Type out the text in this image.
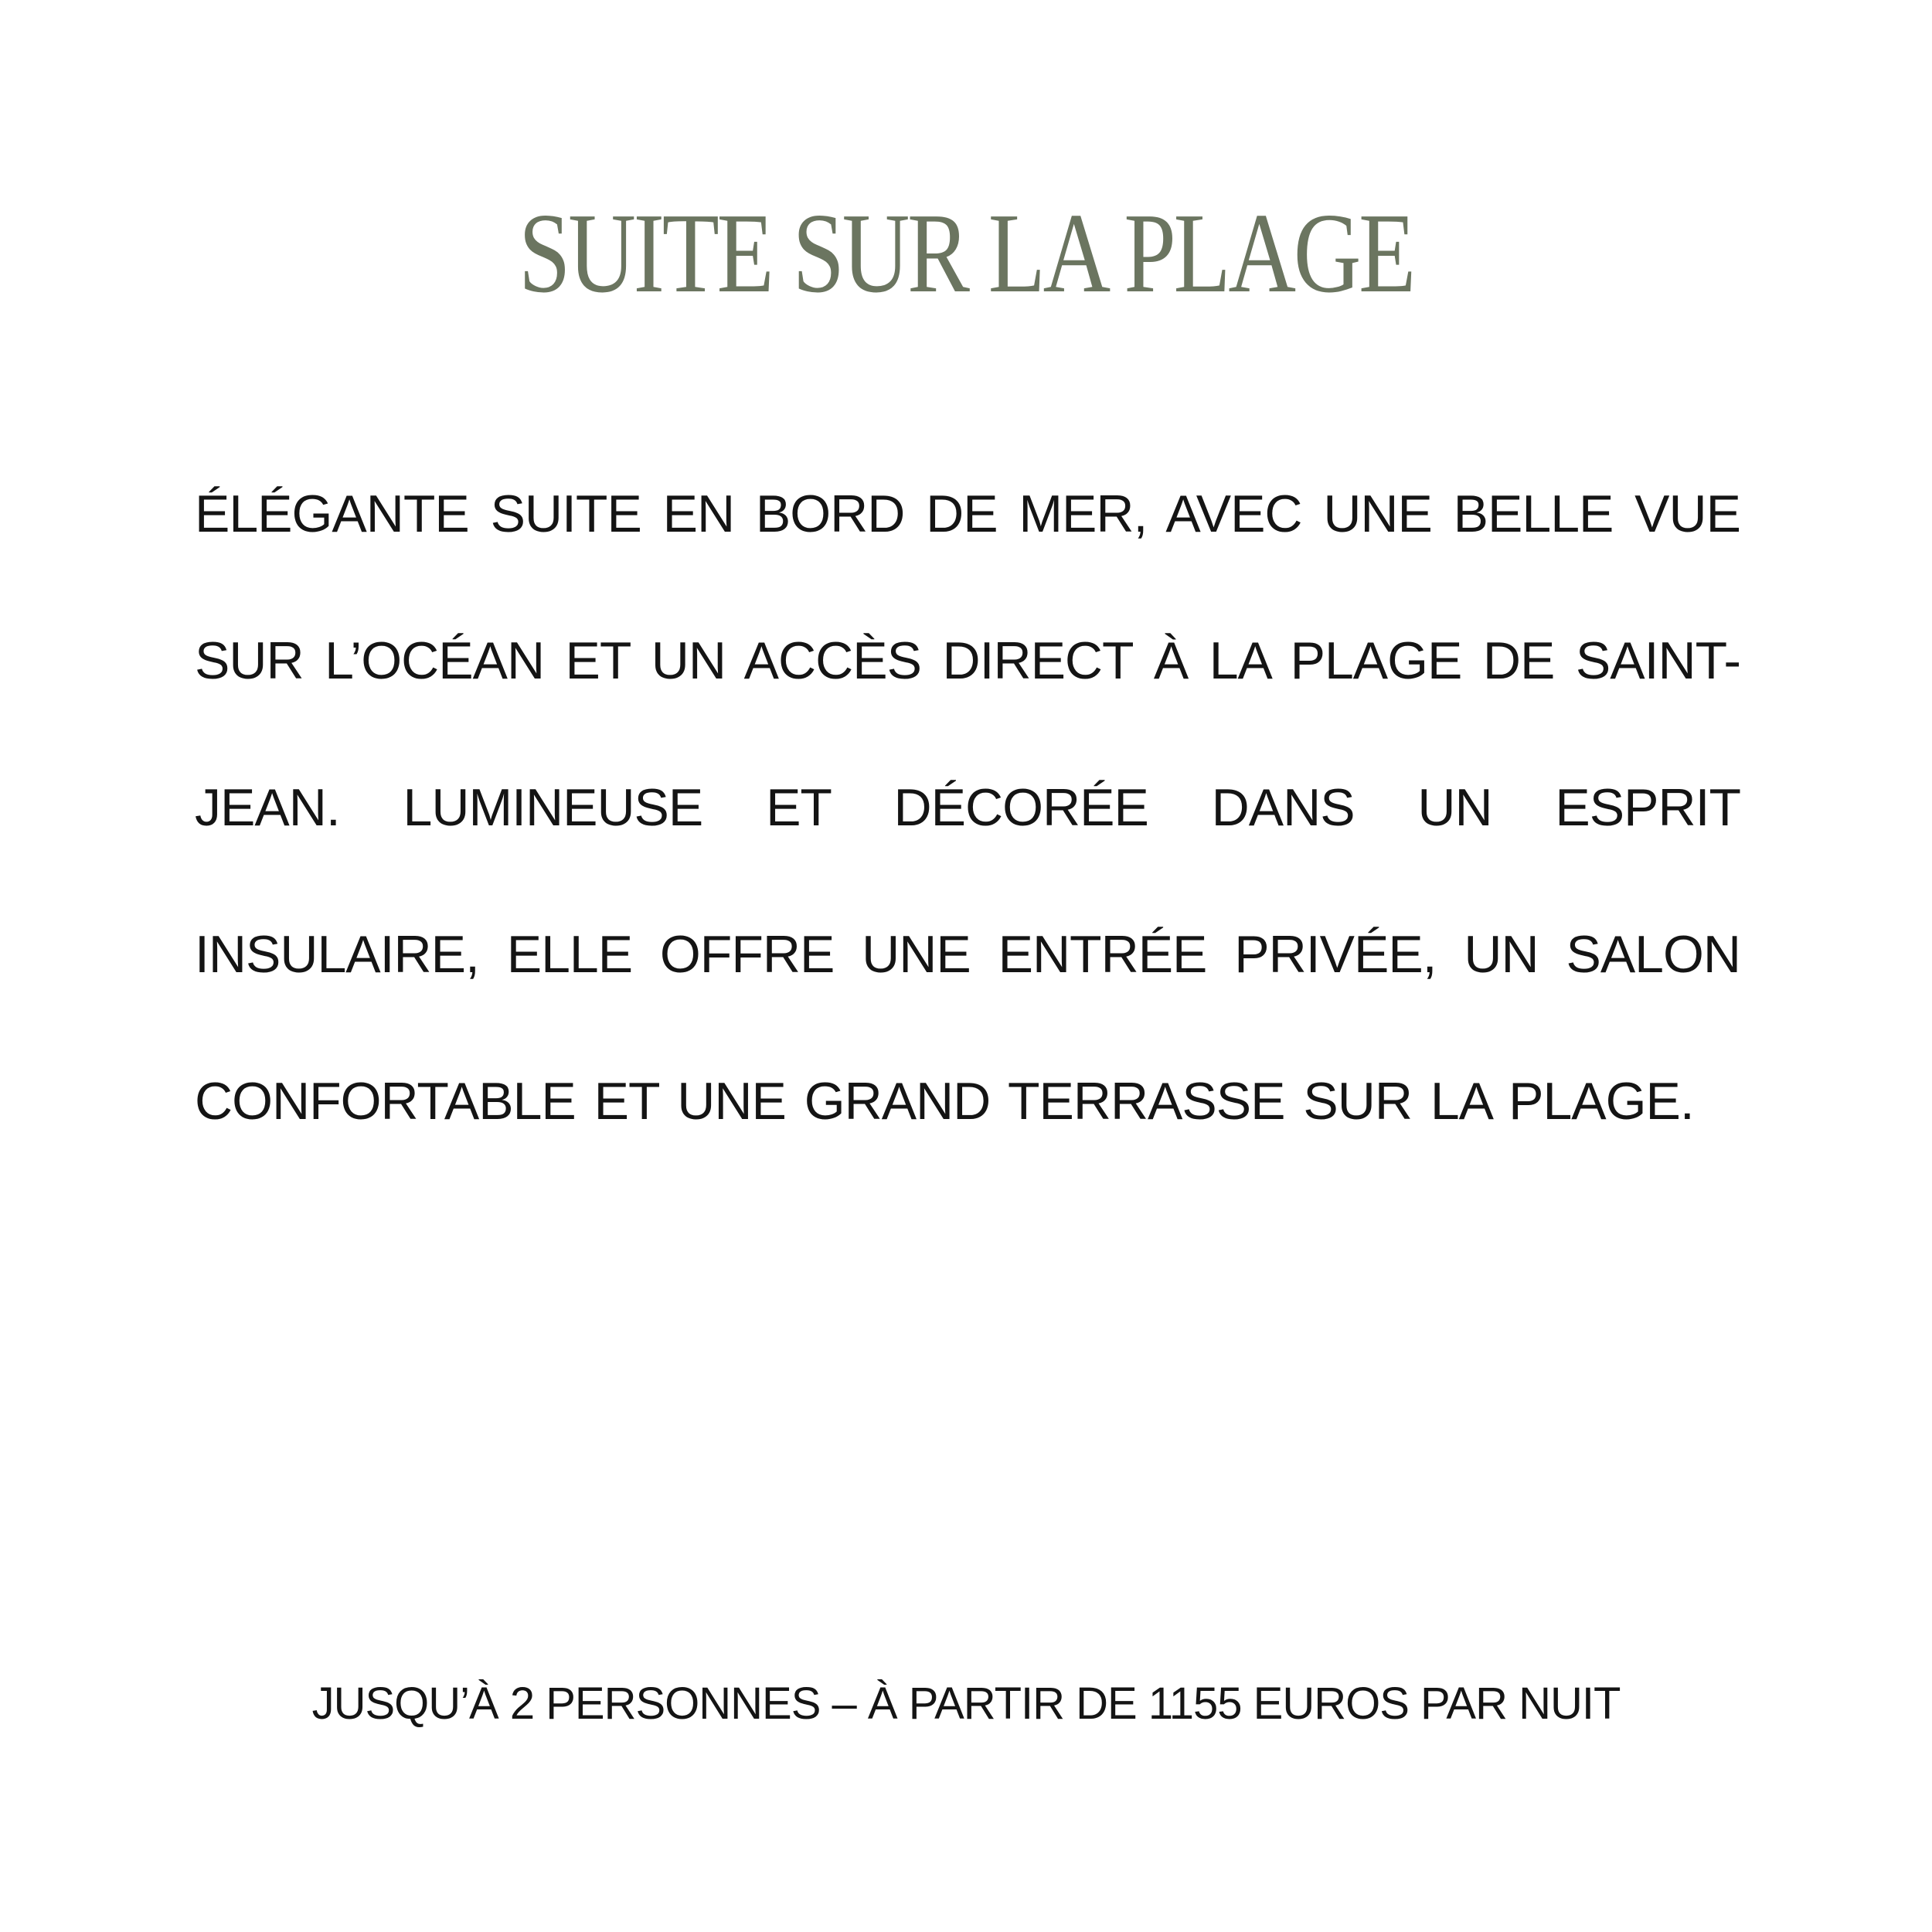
SUITE SUR LA PLAGE

ÉLÉGANTE SUITE EN BORD DE MER, AVEC UNE BELLE VUE SUR L’OCÉAN ET UN ACCÈS DIRECT À LA PLAGE DE SAINT-JEAN. LUMINEUSE ET DÉCORÉE DANS UN ESPRIT INSULAIRE, ELLE OFFRE UNE ENTRÉE PRIVÉE, UN SALON CONFORTABLE ET UNE GRAND TERRASSE SUR LA PLAGE.

JUSQU’À 2 PERSONNES – À PARTIR DE 1155 EUROS PAR NUIT
